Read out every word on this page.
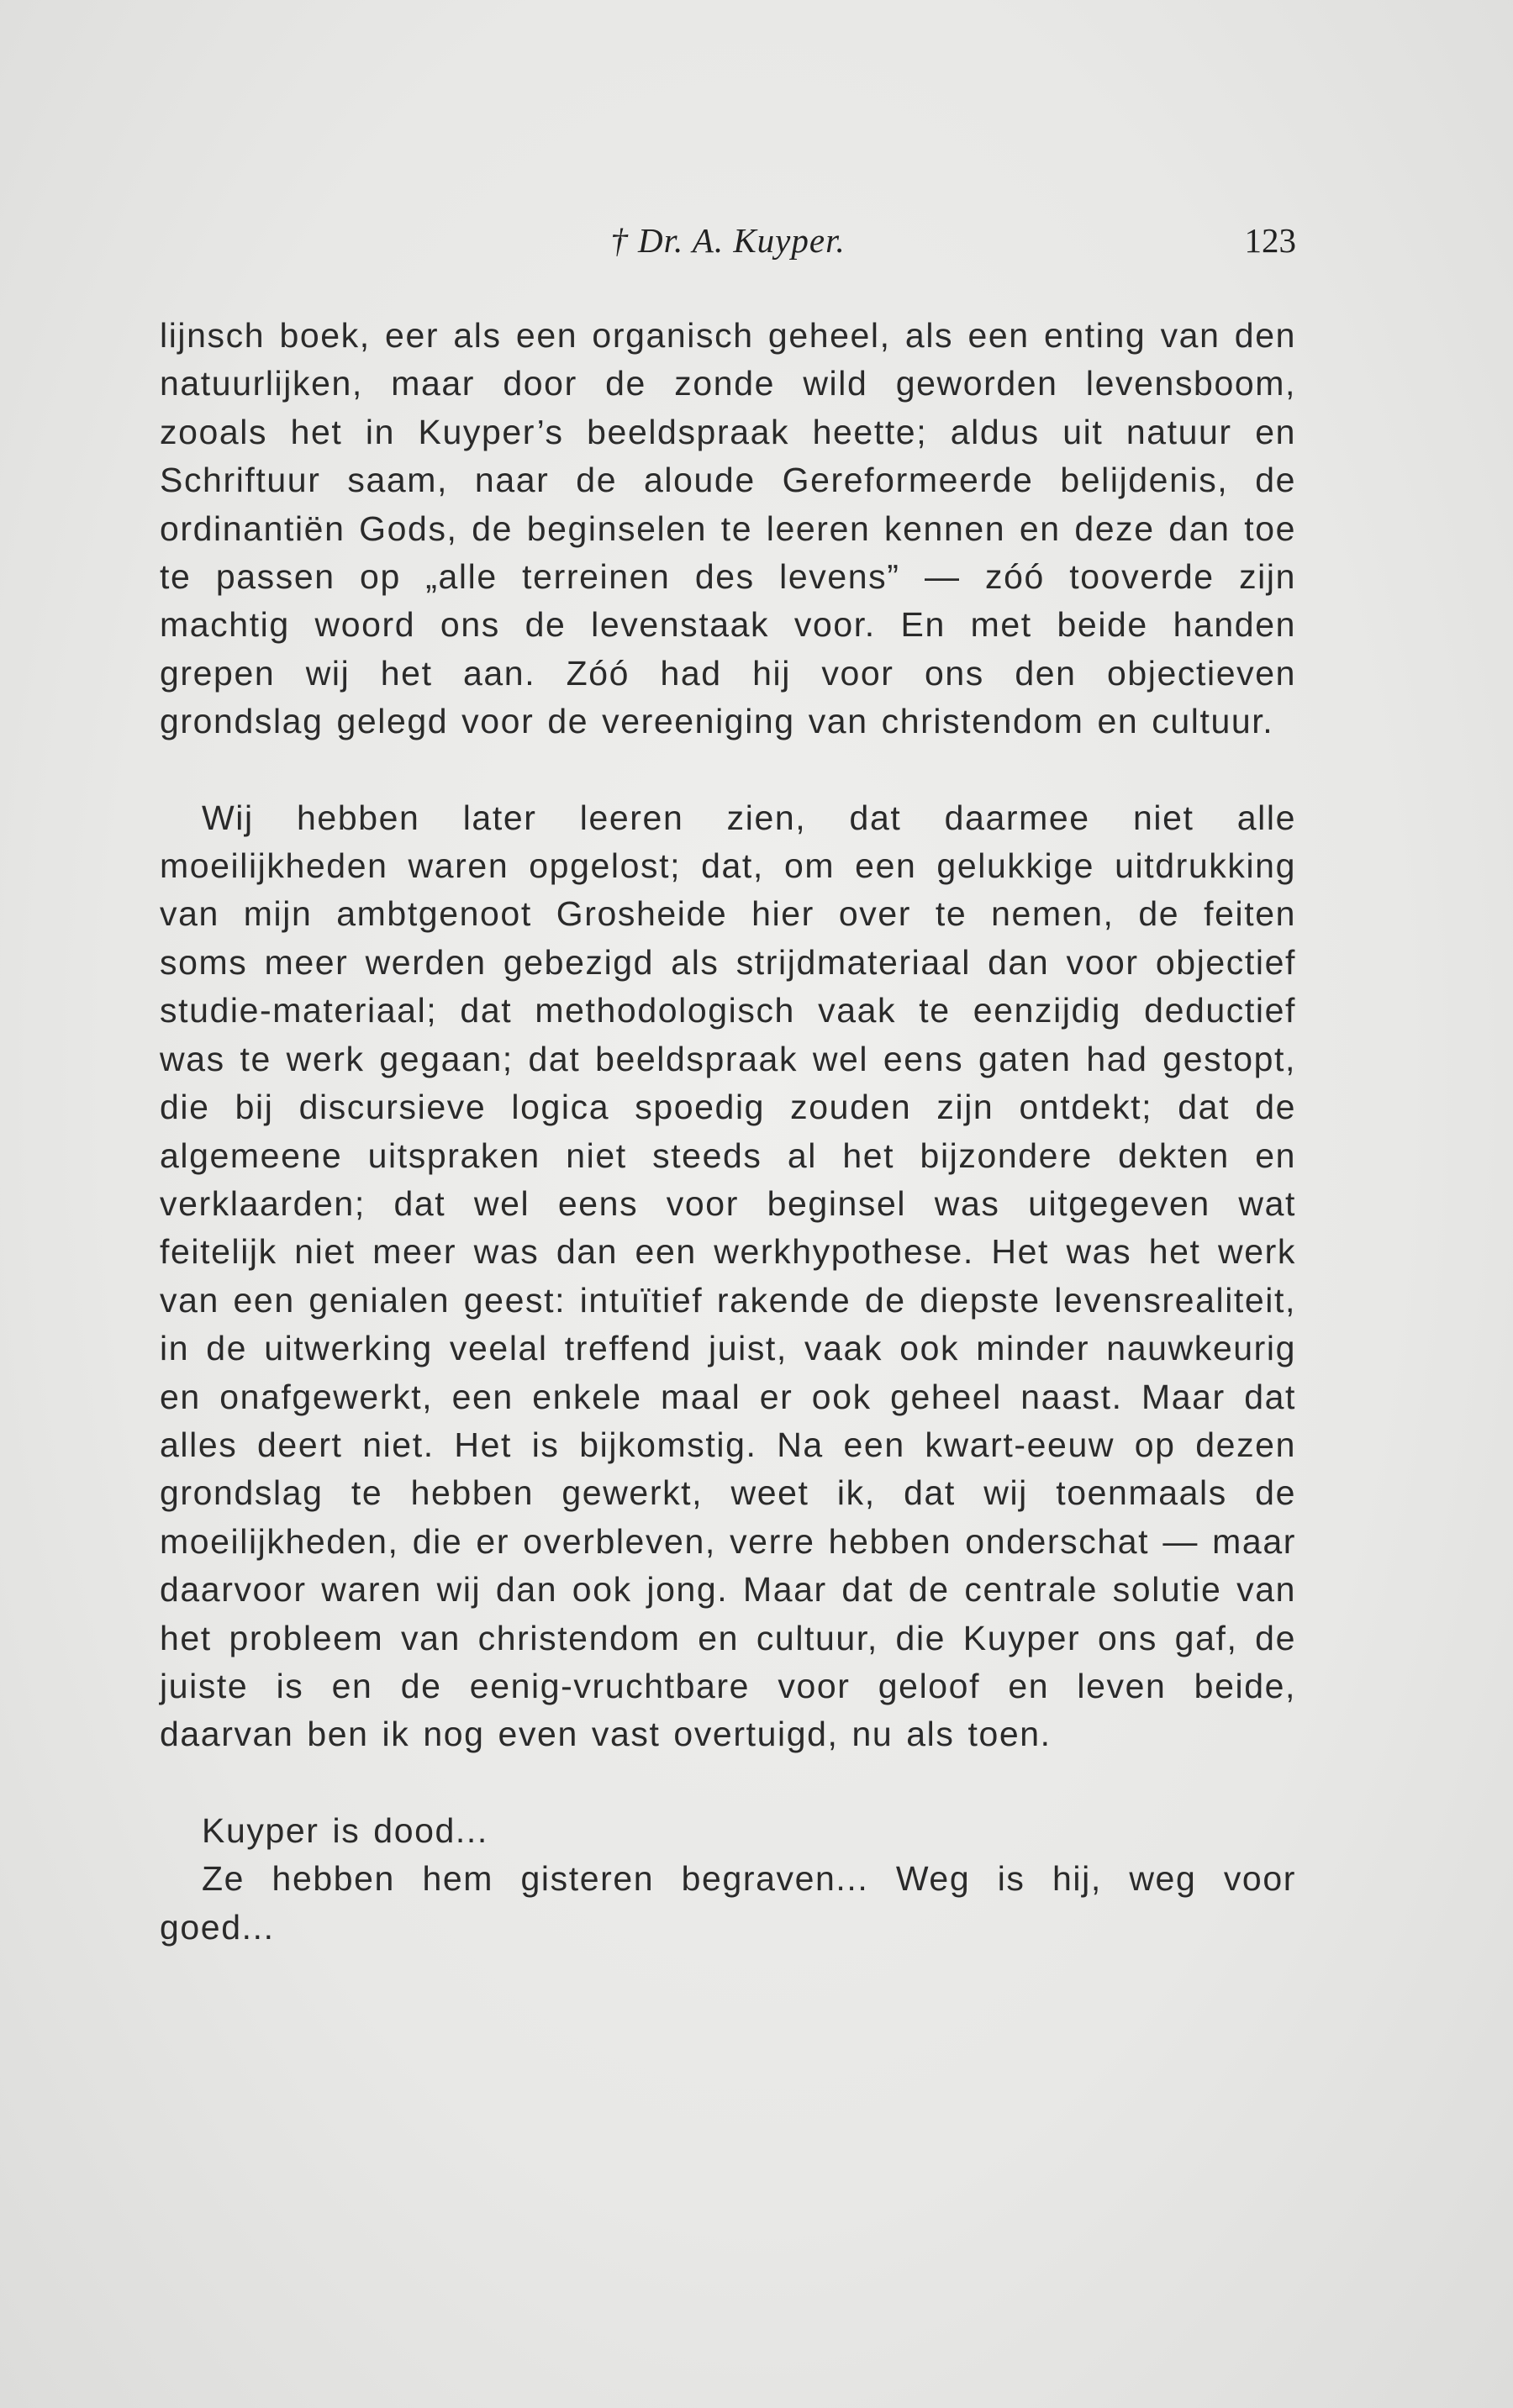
† Dr. A. Kuyper.	123

lijnsch boek, eer als een organisch geheel, als een enting van den natuurlijken, maar door de zonde wild geworden levensboom, zooals het in Kuyper’s beeldspraak heette; aldus uit natuur en Schriftuur saam, naar de aloude Gereformeerde belijdenis, de ordinantiën Gods, de beginselen te leeren kennen en deze dan toe te passen op „alle terreinen des levens” — zóó tooverde zijn machtig woord ons de levenstaak voor. En met beide handen grepen wij het aan. Zóó had hij voor ons den objectieven grondslag gelegd voor de vereeniging van christendom en cultuur.

Wij hebben later leeren zien, dat daarmee niet alle moeilijkheden waren opgelost; dat, om een gelukkige uitdrukking van mijn ambtgenoot Grosheide hier over te nemen, de feiten soms meer werden gebezigd als strijdmateriaal dan voor objectief studie-materiaal; dat methodologisch vaak te eenzijdig deductief was te werk gegaan; dat beeldspraak wel eens gaten had gestopt, die bij discursieve logica spoedig zouden zijn ontdekt; dat de algemeene uitspraken niet steeds al het bijzondere dekten en verklaarden; dat wel eens voor beginsel was uitgegeven wat feitelijk niet meer was dan een werkhypothese. Het was het werk van een genialen geest: intuïtief rakende de diepste levensrealiteit, in de uitwerking veelal treffend juist, vaak ook minder nauwkeurig en onafgewerkt, een enkele maal er ook geheel naast. Maar dat alles deert niet. Het is bijkomstig. Na een kwart-eeuw op dezen grondslag te hebben gewerkt, weet ik, dat wij toenmaals de moeilijkheden, die er overbleven, verre hebben onderschat — maar daarvoor waren wij dan ook jong. Maar dat de centrale solutie van het probleem van christendom en cultuur, die Kuyper ons gaf, de juiste is en de eenig-vruchtbare voor geloof en leven beide, daarvan ben ik nog even vast overtuigd, nu als toen.

Kuyper is dood...

Ze hebben hem gisteren begraven... Weg is hij, weg voor goed...
